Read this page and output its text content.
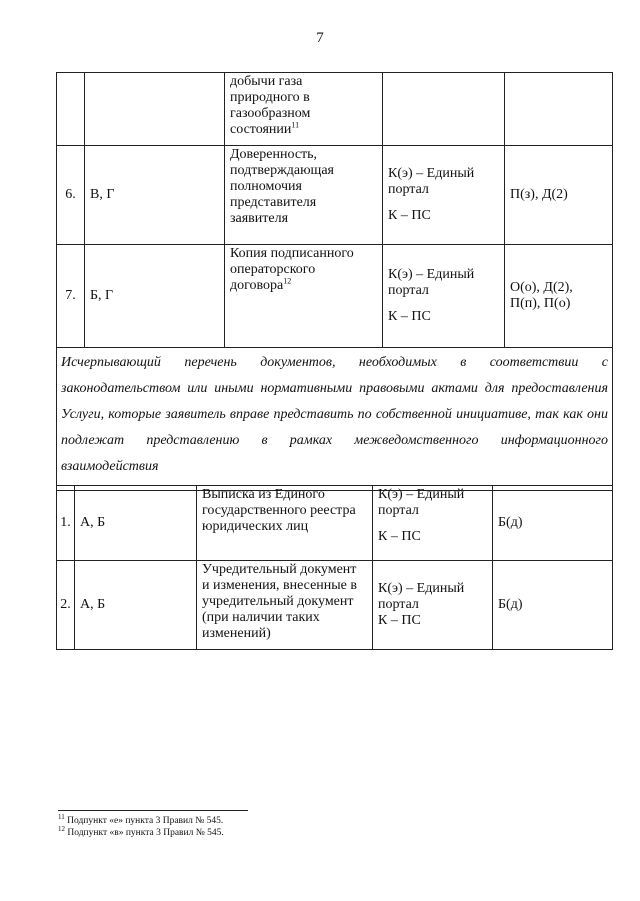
7

		добычи газа
природного в
газообразном
состоянии$^{11}$

6.	В, Г	Доверенность,
подтверждающая
полномочия
представителя
заявителя	К(э) – Единый
портал
К – ПС	П(з), Д(2)

7.	Б, Г	Копия подписанного
операторского
договора$^{12}$	К(э) – Единый
портал
К – ПС	О(о), Д(2),
П(п), П(о)

Исчерпывающий перечень документов, необходимых в соответствии с законодательством или иными нормативными правовыми актами для предоставления Услуги, которые заявитель вправе представить по собственной инициативе, так как они подлежат представлению в рамках межведомственного информационного взаимодействия				
1.	А, Б	Выписка из Единого
государственного реестра
юридических лиц	К(э) – Единый
портал
К – ПС	Б(д)
2.	А, Б	Учредительный документ
и изменения, внесенные в
учредительный документ
(при наличии таких
изменений)	К(э) – Единый
портал
К – ПС	Б(д)
$^{11}$ Подпункт «е» пункта 3 Правил № 545.
$^{12}$ Подпункт «в» пункта 3 Правил № 545.
